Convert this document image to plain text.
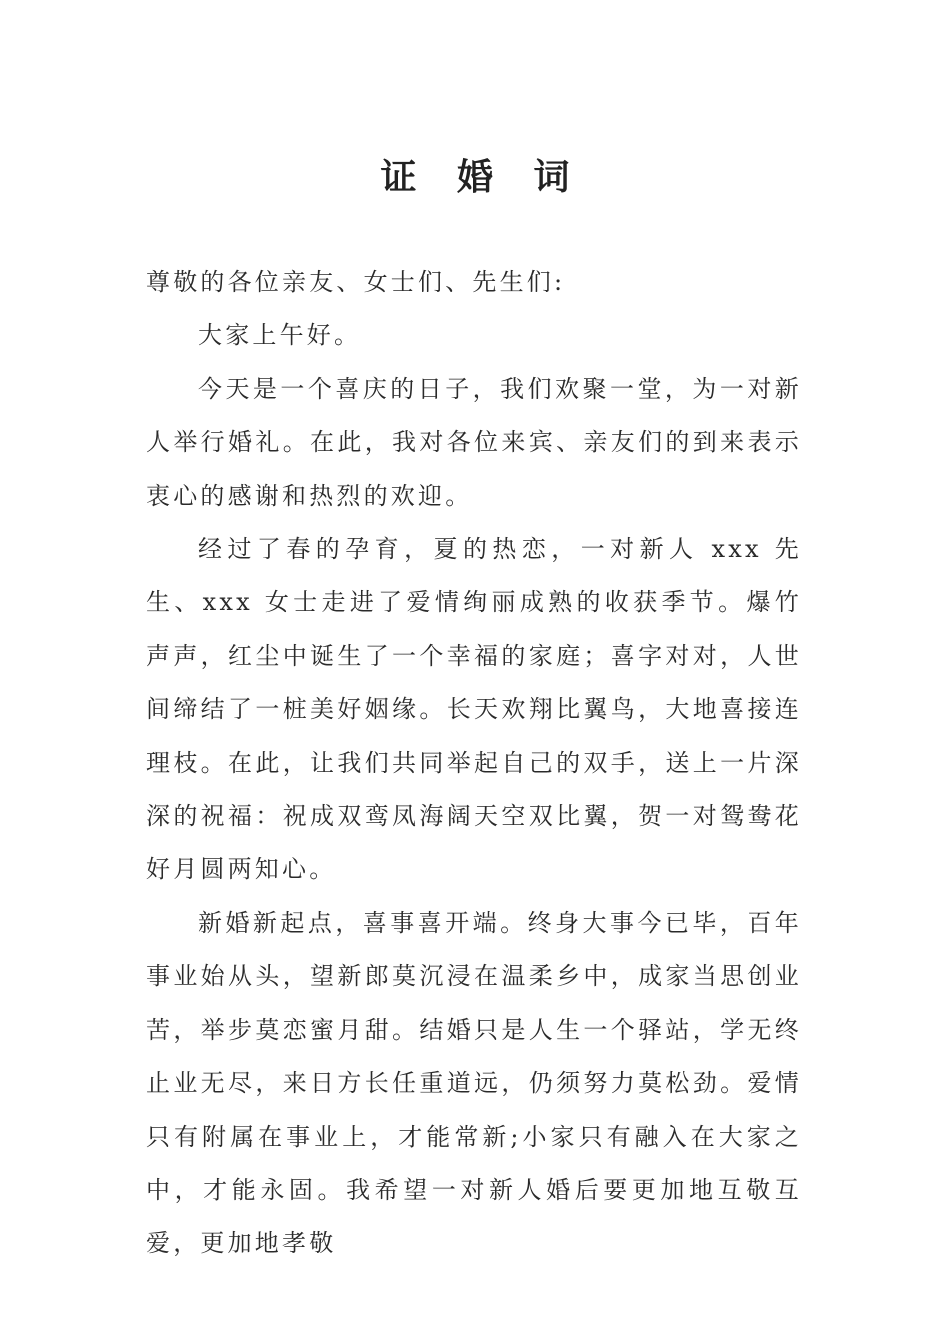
证 婚 词

尊敬的各位亲友、女士们、先生们:

大家上午好。

今天是一个喜庆的日子，我们欢聚一堂，为一对新人举行婚礼。在此，我对各位来宾、亲友们的到来表示衷心的感谢和热烈的欢迎。

经过了春的孕育，夏的热恋，一对新人 xxx 先生、xxx 女士走进了爱情绚丽成熟的收获季节。爆竹声声，红尘中诞生了一个幸福的家庭；喜字对对，人世间缔结了一桩美好姻缘。长天欢翔比翼鸟，大地喜接连理枝。在此，让我们共同举起自己的双手，送上一片深深的祝福：祝成双鸾凤海阔天空双比翼，贺一对鸳鸯花好月圆两知心。

新婚新起点，喜事喜开端。终身大事今已毕，百年事业始从头，望新郎莫沉浸在温柔乡中，成家当思创业苦，举步莫恋蜜月甜。结婚只是人生一个驿站，学无终止业无尽，来日方长任重道远，仍须努力莫松劲。爱情只有附属在事业上，才能常新;小家只有融入在大家之中，才能永固。我希望一对新人婚后要更加地互敬互爱，更加地孝敬
